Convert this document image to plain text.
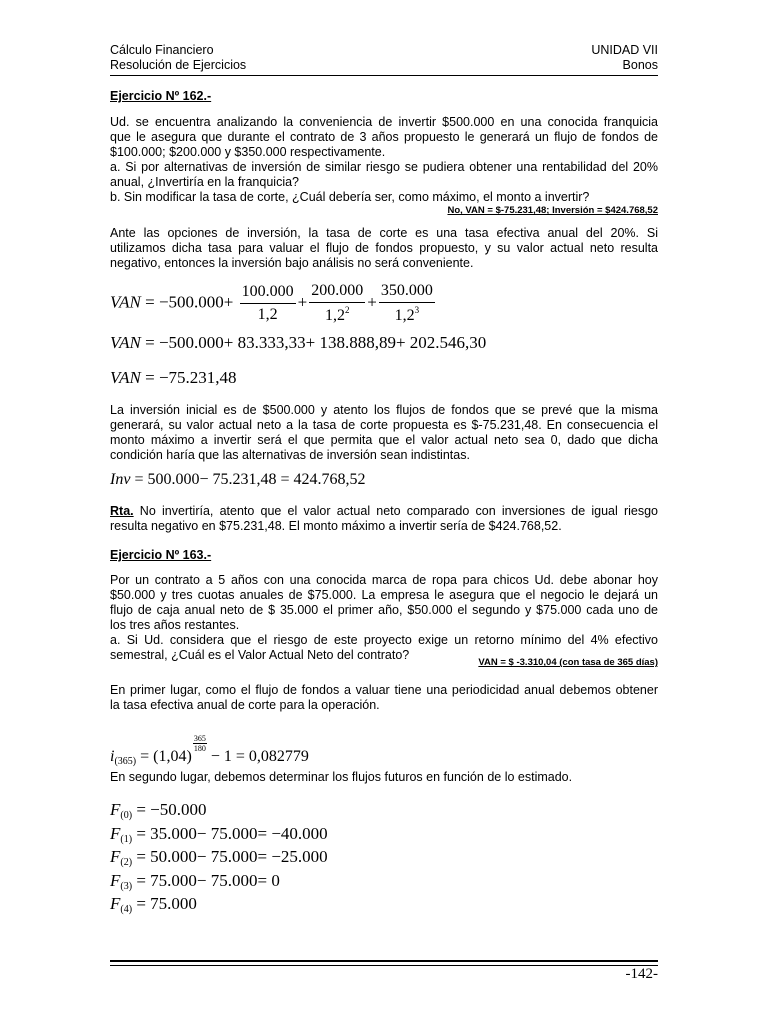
Cálculo Financiero
Resolución de Ejercicios
UNIDAD VII
Bonos
Ejercicio Nº 162.-
Ud. se encuentra analizando la conveniencia de invertir $500.000 en una conocida franquicia
que le asegura que durante el contrato de 3 años propuesto le generará un flujo de fondos de
$100.000; $200.000 y $350.000 respectivamente.
a. Si por alternativas de inversión de similar riesgo se pudiera obtener una rentabilidad del 20%
anual, ¿Invertiría en la franquicia?
b. Sin modificar la tasa de corte, ¿Cuál debería ser, como máximo, el monto a invertir?
No, VAN = $-75.231,48; Inversión = $424.768,52
Ante las opciones de inversión, la tasa de corte es una tasa efectiva anual del 20%. Si
utilizamos dicha tasa para valuar el flujo de fondos propuesto, y su valor actual neto resulta
negativo, entonces la inversión bajo análisis no será conveniente.
VAN = $-500.000+ \frac{100.000}{1,2} + \frac{200.000}{1,2^2} + \frac{350.000}{1,2^3}$
VAN = −500.000+ 83.333,33+ 138.888,89+ 202.546,30
VAN = −75.231,48
La inversión inicial es de $500.000 y atento los flujos de fondos que se prevé que la misma
generará, su valor actual neto a la tasa de corte propuesta es $-75.231,48. En consecuencia el
monto máximo a invertir será el que permita que el valor actual neto sea 0, dado que dicha
condición haría que las alternativas de inversión sean indistintas.
Inv = 500.000− 75.231,48 = 424.768,52
Rta. No invertiría, atento que el valor actual neto comparado con inversiones de igual riesgo
resulta negativo en $75.231,48. El monto máximo a invertir sería de $424.768,52.
Ejercicio Nº 163.-
Por un contrato a 5 años con una conocida marca de ropa para chicos Ud. debe abonar hoy
$50.000 y tres cuotas anuales de $75.000. La empresa le asegura que el negocio le dejará un
flujo de caja anual neto de $ 35.000 el primer año, $50.000 el segundo y $75.000 cada uno de
los tres años restantes.
a. Si Ud. considera que el riesgo de este proyecto exige un retorno mínimo del 4% efectivo
semestral, ¿Cuál es el Valor Actual Neto del contrato?
VAN = $ -3.310,04 (con tasa de 365 días)
En primer lugar, como el flujo de fondos a valuar tiene una periodicidad anual debemos obtener
la tasa efectiva anual de corte para la operación.
$i_{(365)} = (1,04)$
$\frac{365}{180}$
− 1 = 0,082779
En segundo lugar, debemos determinar los flujos futuros en función de lo estimado.
$F_{(0)} = -50.000$
$F_{(1)} = 35.000- 75.000= -40.000$
$F_{(2)} = 50.000- 75.000= -25.000$
$F_{(3)} = 75.000- 75.000= 0$
$F_{(4)} = 75.000$
-142-
